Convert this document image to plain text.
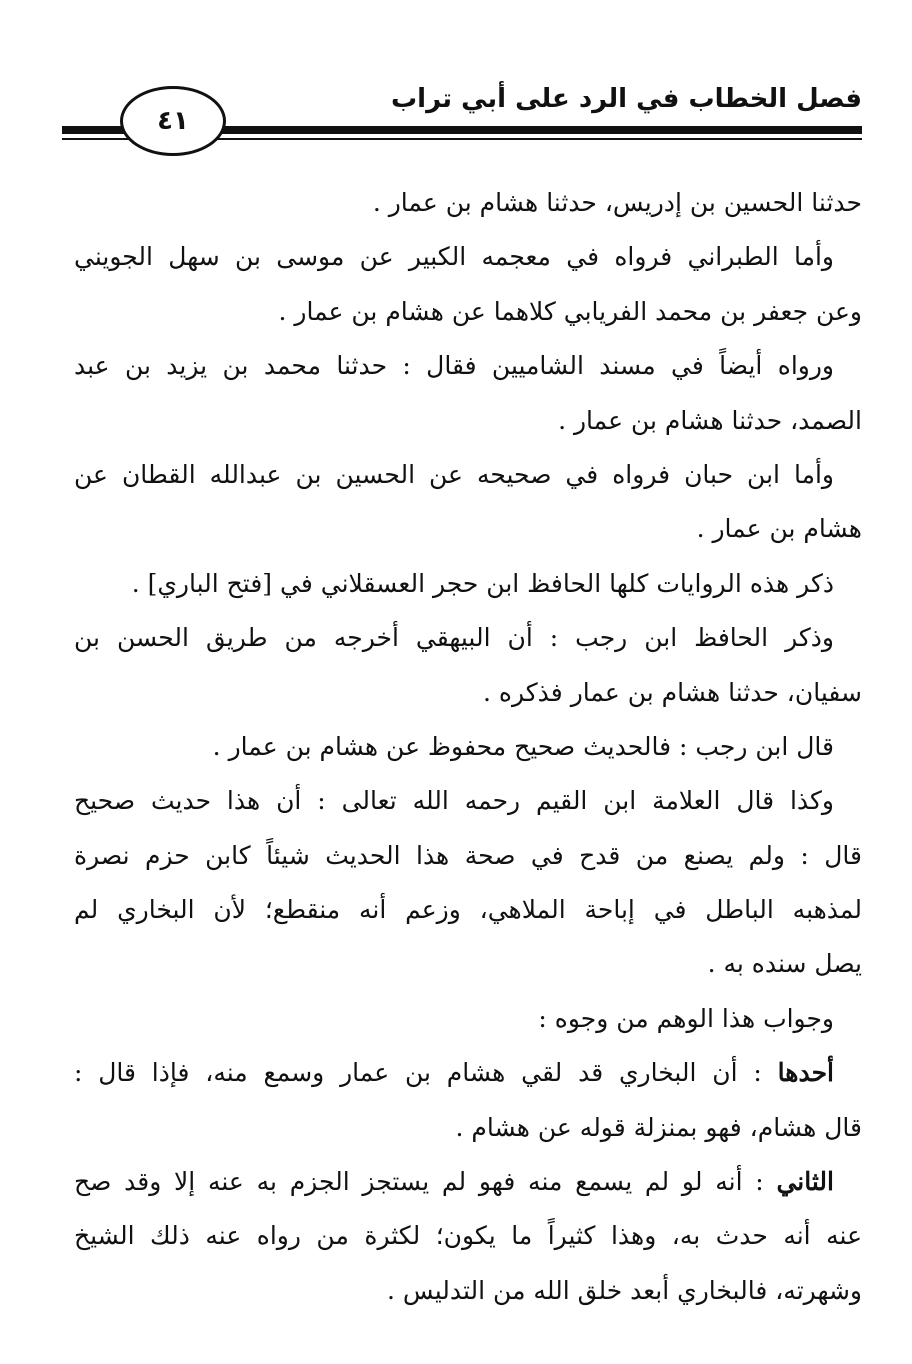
فصل الخطاب في الرد على أبي تراب
٤١
حدثنا الحسين بن إدريس، حدثنا هشام بن عمار .
وأما الطبراني فرواه في معجمه الكبير عن موسى بن سهل الجويني
وعن جعفر بن محمد الفريابي كلاهما عن هشام بن عمار .
ورواه أيضاً في مسند الشاميين فقال : حدثنا محمد بن يزيد بن عبد
الصمد، حدثنا هشام بن عمار .
وأما ابن حبان فرواه في صحيحه عن الحسين بن عبدالله القطان عن
هشام بن عمار .
ذكر هذه الروايات كلها الحافظ ابن حجر العسقلاني في [فتح الباري] .
وذكر الحافظ ابن رجب : أن البيهقي أخرجه من طريق الحسن بن
سفيان، حدثنا هشام بن عمار فذكره .
قال ابن رجب : فالحديث صحيح محفوظ عن هشام بن عمار .
وكذا قال العلامة ابن القيم رحمه الله تعالى : أن هذا حديث صحيح
قال : ولم يصنع من قدح في صحة هذا الحديث شيئاً كابن حزم نصرة
لمذهبه الباطل في إباحة الملاهي، وزعم أنه منقطع؛ لأن البخاري لم
يصل سنده به .
وجواب هذا الوهم من وجوه :
أحدها : أن البخاري قد لقي هشام بن عمار وسمع منه، فإذا قال :
قال هشام، فهو بمنزلة قوله عن هشام .
الثاني : أنه لو لم يسمع منه فهو لم يستجز الجزم به عنه إلا وقد صح
عنه أنه حدث به، وهذا كثيراً ما يكون؛ لكثرة من رواه عنه ذلك الشيخ
وشهرته، فالبخاري أبعد خلق الله من التدليس .
